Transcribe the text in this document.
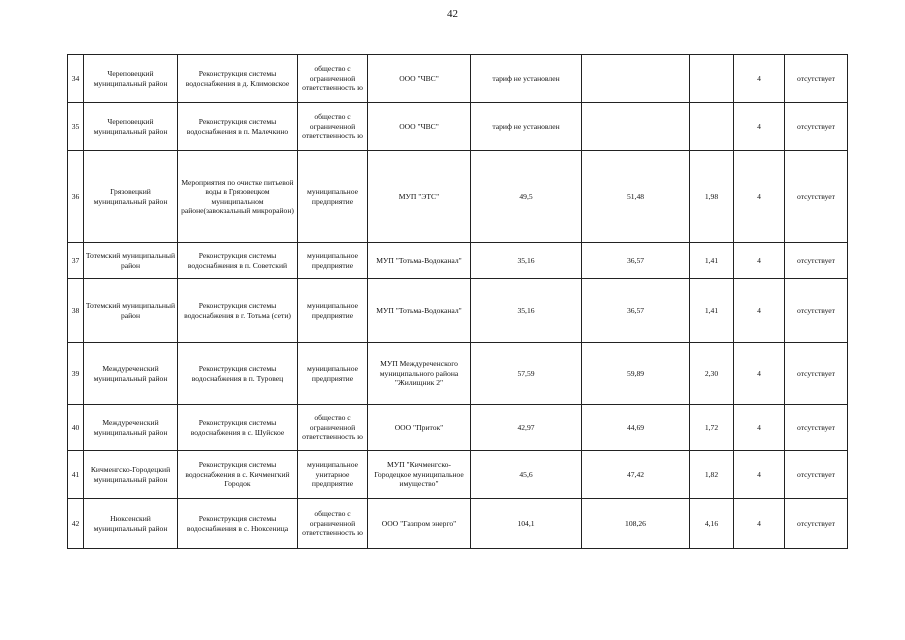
42
34	Череповецкий муниципальный район	Реконструкция системы водоснабжения в д. Климовское	общество с ограниченной ответственность ю	ООО "ЧВС"	тариф не установлен			4	отсутствует
35	Череповецкий муниципальный район	Реконструкция системы водоснабжения в п. Малечкино	общество с ограниченной ответственность ю	ООО "ЧВС"	тариф не установлен			4	отсутствует
36	Грязовецкий муниципальный район	Мероприятия по очистке питьевой воды в Грязовецком муниципальном районе(завокзальный микрорайон)	муниципальное предприятие	МУП "ЭТС"	49,5	51,48	1,98	4	отсутствует
37	Тотемский муниципальный район	Реконструкция системы водоснабжения в п. Советский	муниципальное предприятие	МУП "Тотьма-Водоканал"	35,16	36,57	1,41	4	отсутствует
38	Тотемский муниципальный район	Реконструкция системы водоснабжения в г. Тотьма (сети)	муниципальное предприятие	МУП "Тотьма-Водоканал"	35,16	36,57	1,41	4	отсутствует
39	Междуреченский муниципальный район	Реконструкция системы водоснабжения в п. Туровец	муниципальное предприятие	МУП Междуреченского муниципального района "Жилищник 2"	57,59	59,89	2,30	4	отсутствует
40	Междуреченский муниципальный район	Реконструкция системы водоснабжения в с. Шуйское	общество с ограниченной ответственность ю	ООО "Приток"	42,97	44,69	1,72	4	отсутствует
41	Кичменгско-Городецкий муниципальный район	Реконструкция системы водоснабжения в с. Кичменгкий Городок	муниципальное унитарное предприятие	МУП "Кичменгско-Городецкое муниципальное имущество"	45,6	47,42	1,82	4	отсутствует
42	Нюксенский муниципальный район	Реконструкция системы водоснабжения в с. Нюксеница	общество с ограниченной ответственность ю	ООО "Газпром энерго"	104,1	108,26	4,16	4	отсутствует
